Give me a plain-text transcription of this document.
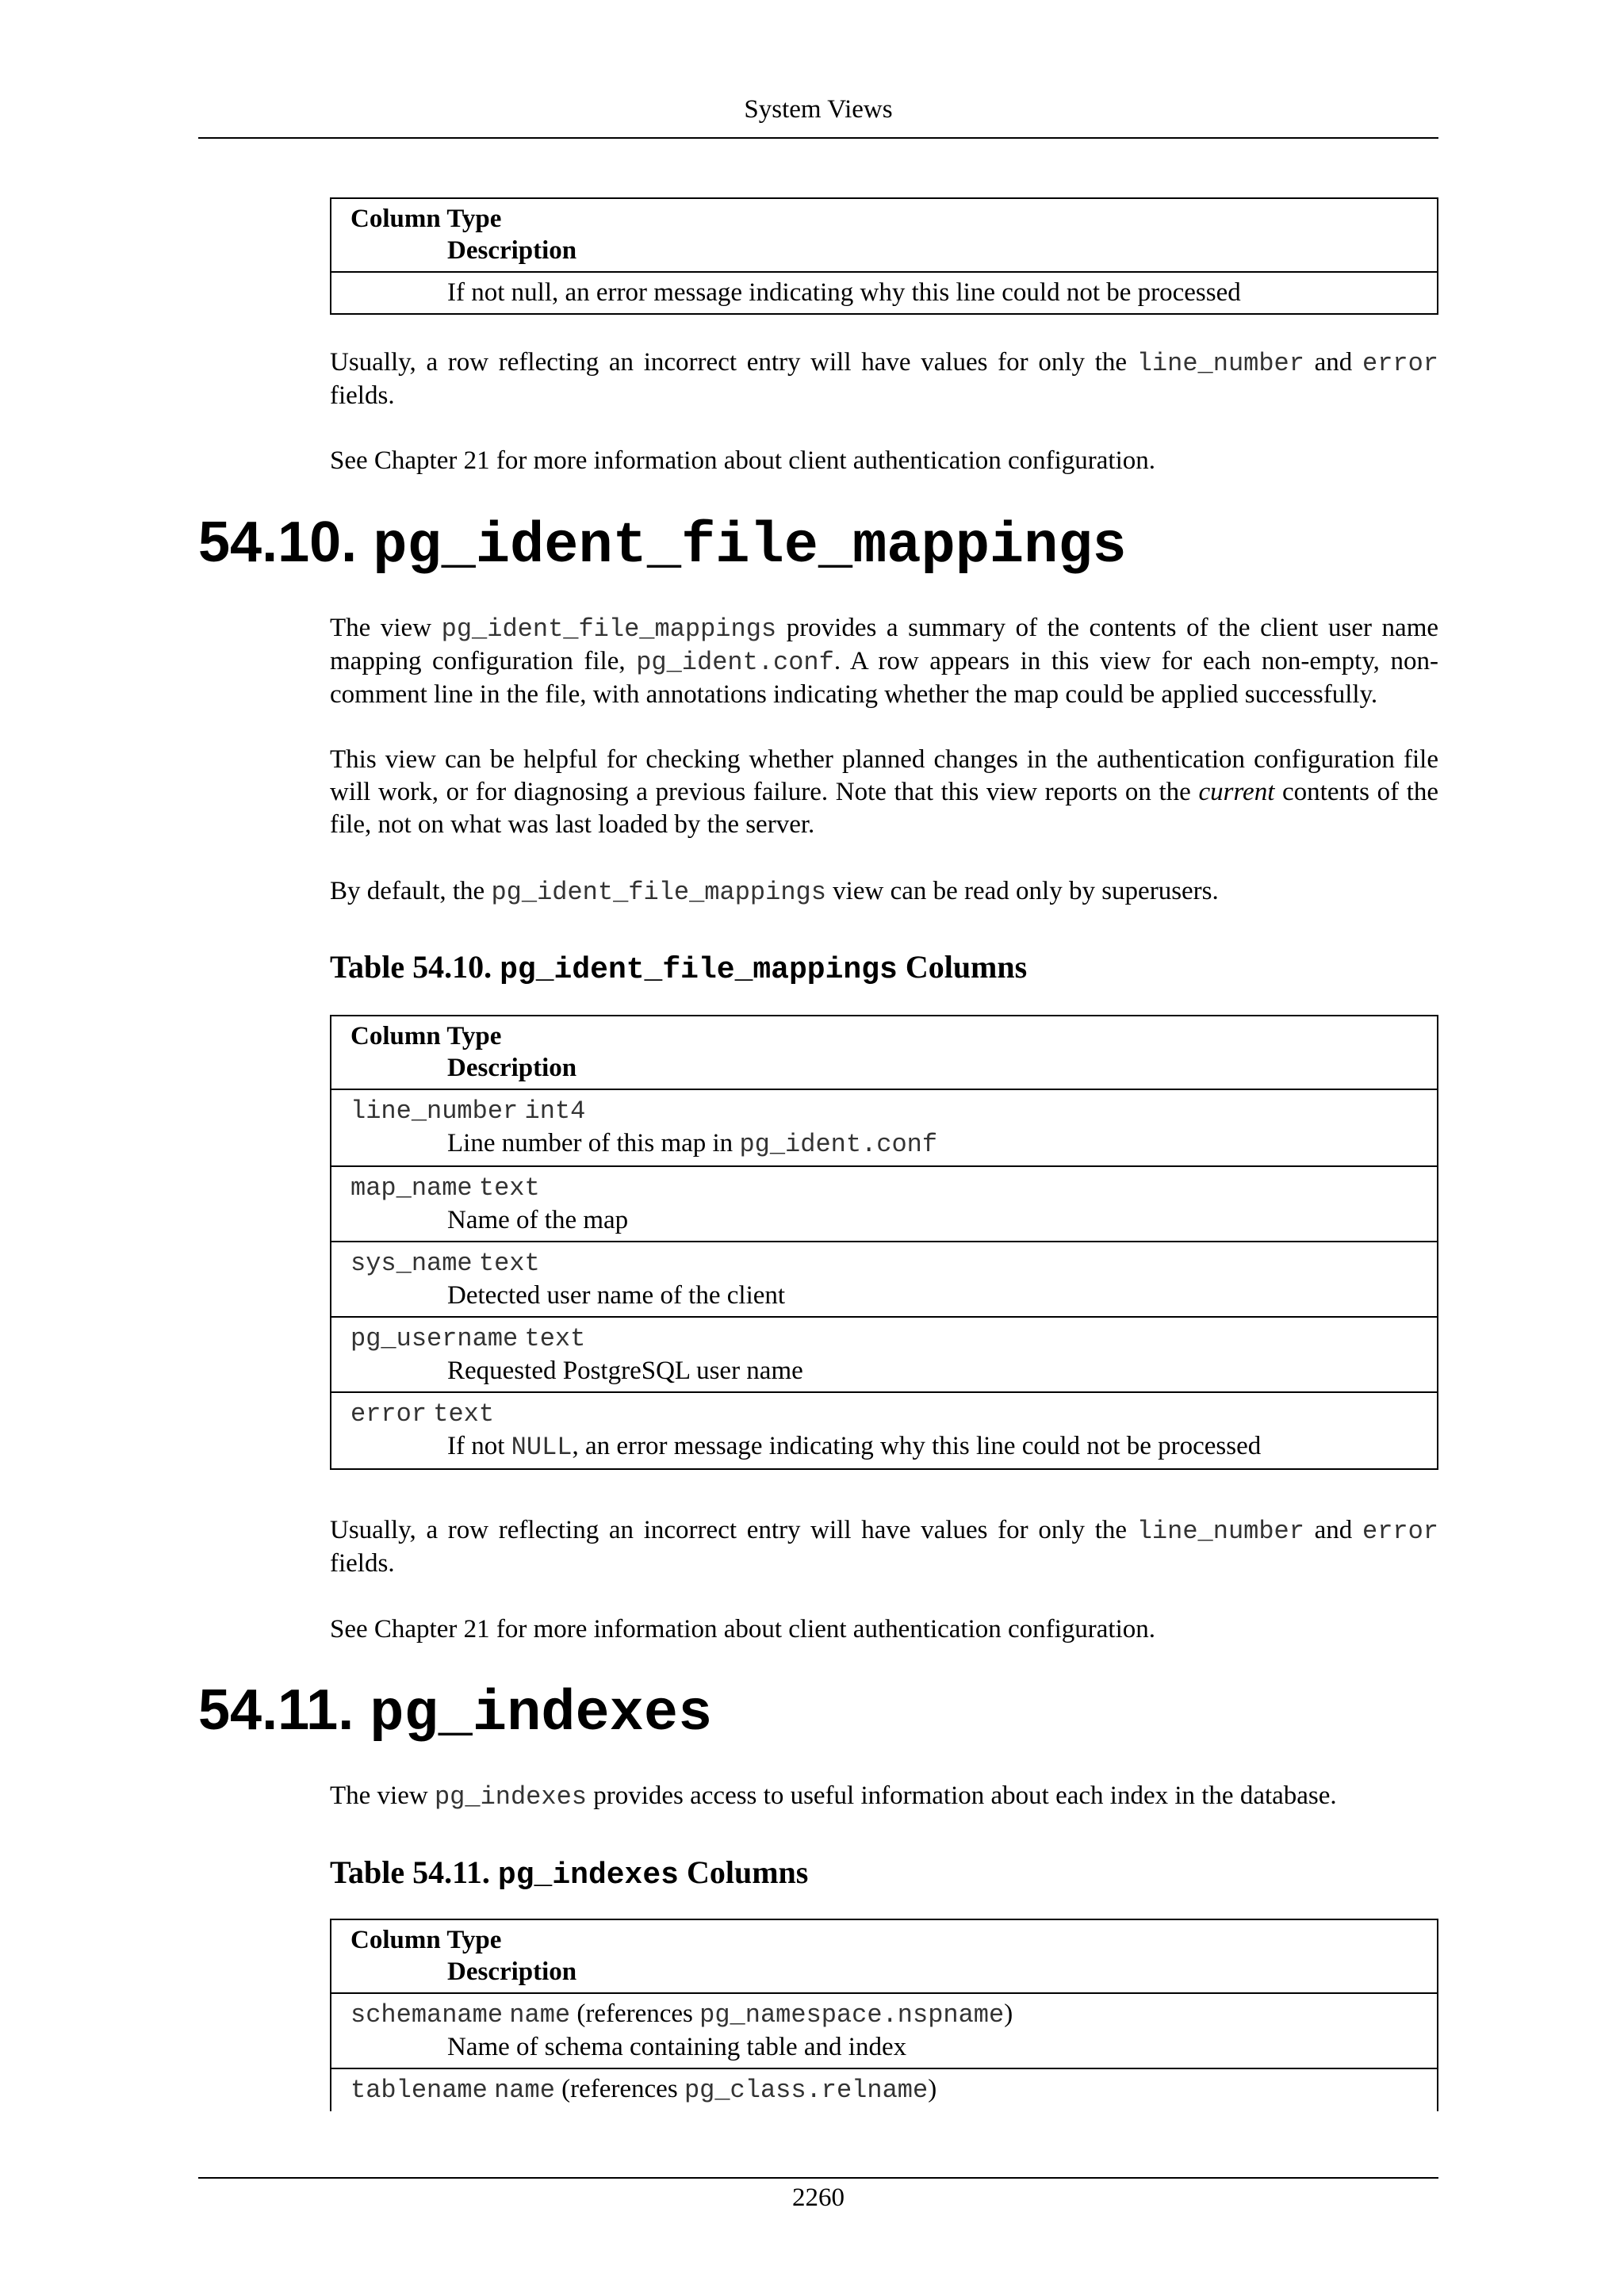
System Views
Column Type
Description

If not null, an error message indicating why this line could not be processed

Usually, a row reflecting an incorrect entry will have values for only the line_number and error fields.

See Chapter 21 for more information about client authentication configuration.

54.10. pg_ident_file_mappings

The view pg_ident_file_mappings provides a summary of the contents of the client user name mapping configuration file, pg_ident.conf. A row appears in this view for each non-empty, non-comment line in the file, with annotations indicating whether the map could be applied successfully.

This view can be helpful for checking whether planned changes in the authentication configuration file will work, or for diagnosing a previous failure. Note that this view reports on the current contents of the file, not on what was last loaded by the server.

By default, the pg_ident_file_mappings view can be read only by superusers.

Table 54.10. pg_ident_file_mappings Columns
Column Type
Description

line_number int4
Line number of this map in pg_ident.conf

map_name text
Name of the map

sys_name text
Detected user name of the client

pg_username text
Requested PostgreSQL user name

error text
If not NULL, an error message indicating why this line could not be processed

Usually, a row reflecting an incorrect entry will have values for only the line_number and error fields.

See Chapter 21 for more information about client authentication configuration.

54.11. pg_indexes

The view pg_indexes provides access to useful information about each index in the database.

Table 54.11. pg_indexes Columns
Column Type
Description

schemaname name (references pg_namespace.nspname)
Name of schema containing table and index

tablename name (references pg_class.relname)
2260
